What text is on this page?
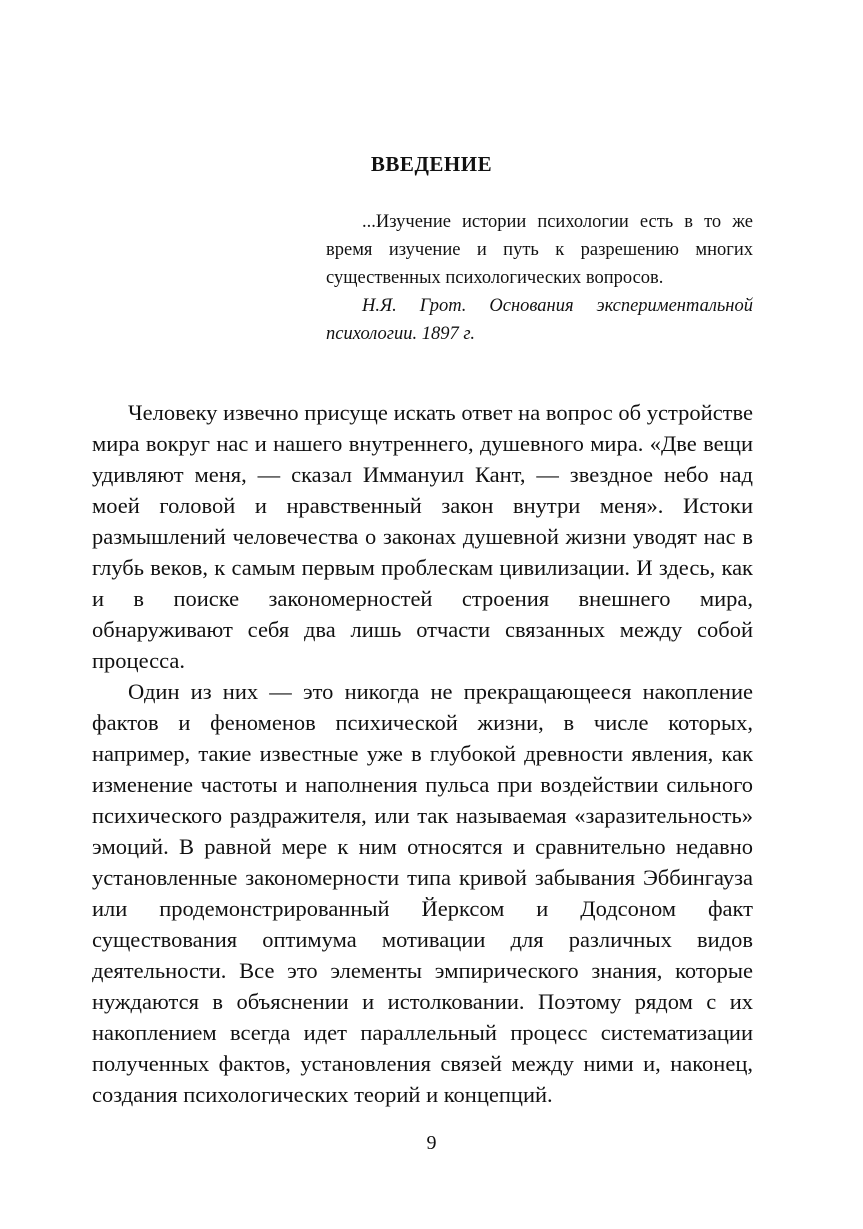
ВВЕДЕНИЕ

...Изучение истории психологии есть в то же время изучение и путь к разрешению многих существенных психологических вопросов.

Н.Я. Грот. Основания экспериментальной психологии. 1897 г.

Человеку извечно присуще искать ответ на вопрос об устройстве мира вокруг нас и нашего внутреннего, душевного мира. «Две вещи удивляют меня, — сказал Иммануил Кант, — звездное небо над моей головой и нравственный закон внутри меня». Истоки размышлений человечества о законах душевной жизни уводят нас в глубь веков, к самым первым проблескам цивилизации. И здесь, как и в поиске закономерностей строения внешнего мира, обнаруживают себя два лишь отчасти связанных между собой процесса.

Один из них — это никогда не прекращающееся накопление фактов и феноменов психической жизни, в числе которых, например, такие известные уже в глубокой древности явления, как изменение частоты и наполнения пульса при воздействии сильного психического раздражителя, или так называемая «заразительность» эмоций. В равной мере к ним относятся и сравнительно недавно установленные закономерности типа кривой забывания Эббингауза или продемонстрированный Йерксом и Додсоном факт существования оптимума мотивации для различных видов деятельности. Все это элементы эмпирического знания, которые нуждаются в объяснении и истолковании. Поэтому рядом с их накоплением всегда идет параллельный процесс систематизации полученных фактов, установления связей между ними и, наконец, создания психологических теорий и концепций.

9
